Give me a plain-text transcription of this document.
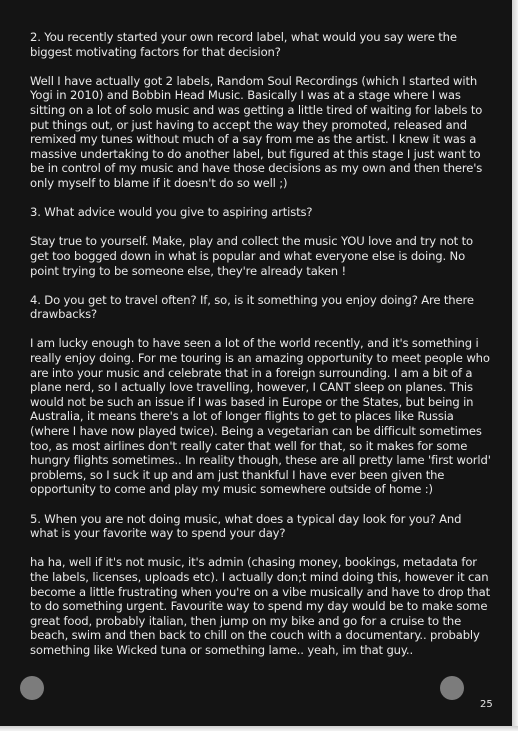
2. You recently started your own record label, what would you say were the biggest motivating factors for that decision?

Well I have actually got 2 labels, Random Soul Recordings (which I started with Yogi in 2010) and Bobbin Head Music. Basically I was at a stage where I was sitting on a lot of solo music and was getting a little tired of waiting for labels to put things out, or just having to accept the way they promoted, released and remixed my tunes without much of a say from me as the artist. I knew it was a massive undertaking to do another label, but figured at this stage I just want to be in control of my music and have those decisions as my own and then there's only myself to blame if it doesn't do so well ;)

3. What advice would you give to aspiring artists?

Stay true to yourself. Make, play and collect the music YOU love and try not to get too bogged down in what is popular and what everyone else is doing. No point trying to be someone else, they're already taken !

4. Do you get to travel often? If, so, is it something you enjoy doing? Are there drawbacks?

I am lucky enough to have seen a lot of the world recently, and it's something i really enjoy doing. For me touring is an amazing opportunity to meet people who are into your music and celebrate that in a foreign surrounding. I am a bit of a plane nerd, so I actually love travelling, however, I CANT sleep on planes. This would not be such an issue if I was based in Europe or the States, but being in Australia, it means there's a lot of longer flights to get to places like Russia (where I have now played twice). Being a vegetarian can be difficult sometimes too, as most airlines don't really cater that well for that, so it makes for some hungry flights sometimes.. In reality though, these are all pretty lame 'first world' problems, so I suck it up and am just thankful I have ever been given the opportunity to come and play my music somewhere outside of home :)

5. When you are not doing music, what does a typical day look for you? And what is your favorite way to spend your day?

ha ha, well if it's not music, it's admin (chasing money, bookings, metadata for the labels, licenses, uploads etc). I actually don;t mind doing this, however it can become a little frustrating when you're on a vibe musically and have to drop that to do something urgent. Favourite way to spend my day would be to make some great food, probably italian, then jump on my bike and go for a cruise to the beach, swim and then back to chill on the couch with a documentary.. probably something like Wicked tuna or something lame.. yeah, im that guy..

25
